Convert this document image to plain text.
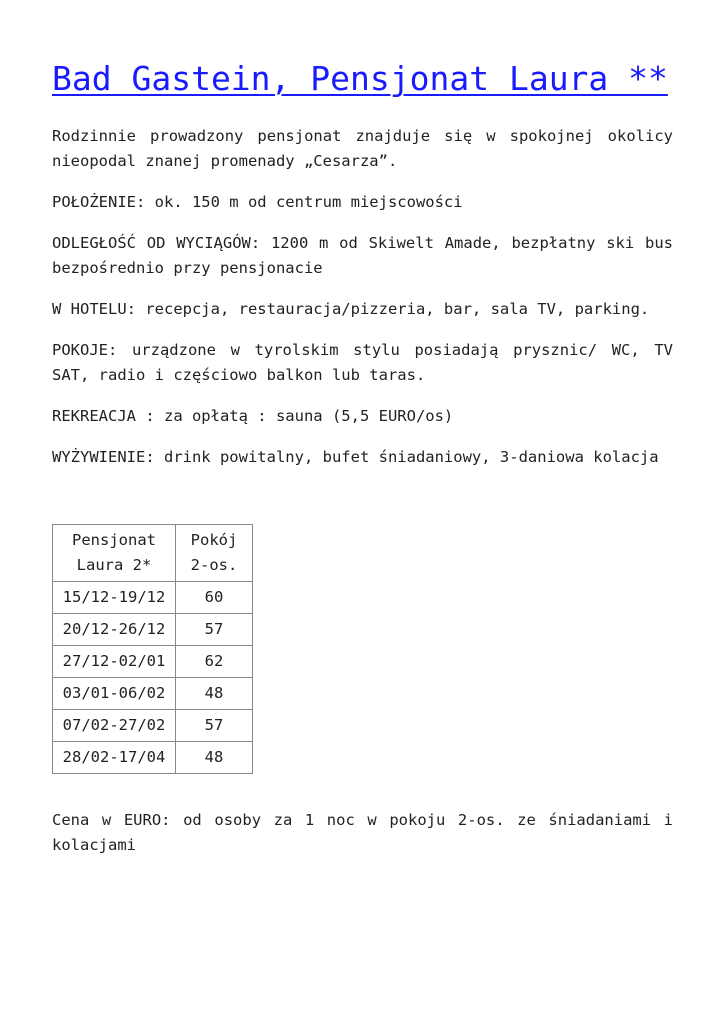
Bad Gastein, Pensjonat Laura **

Rodzinnie prowadzony pensjonat znajduje się w spokojnej okolicy nieopodal znanej promenady „Cesarza”.

POŁOŻENIE: ok. 150 m od centrum miejscowości

ODLEGŁOŚĆ OD WYCIĄGÓW: 1200 m od Skiwelt Amade, bezpłatny ski bus bezpośrednio przy pensjonacie

W HOTELU: recepcja, restauracja/pizzeria, bar, sala TV, parking.

POKOJE: urządzone w tyrolskim stylu posiadają prysznic/ WC, TV SAT, radio i częściowo balkon lub taras.

REKREACJA : za opłatą : sauna (5,5 EURO/os)

WYŻYWIENIE: drink powitalny, bufet śniadaniowy, 3-daniowa kolacja

Pensjonat Laura 2*	Pokój 2-os.
15/12-19/12	60
20/12-26/12	57
27/12-02/01	62
03/01-06/02	48
07/02-27/02	57
28/02-17/04	48

Cena w EURO: od osoby za 1 noc w pokoju 2-os. ze śniadaniami i kolacjami
